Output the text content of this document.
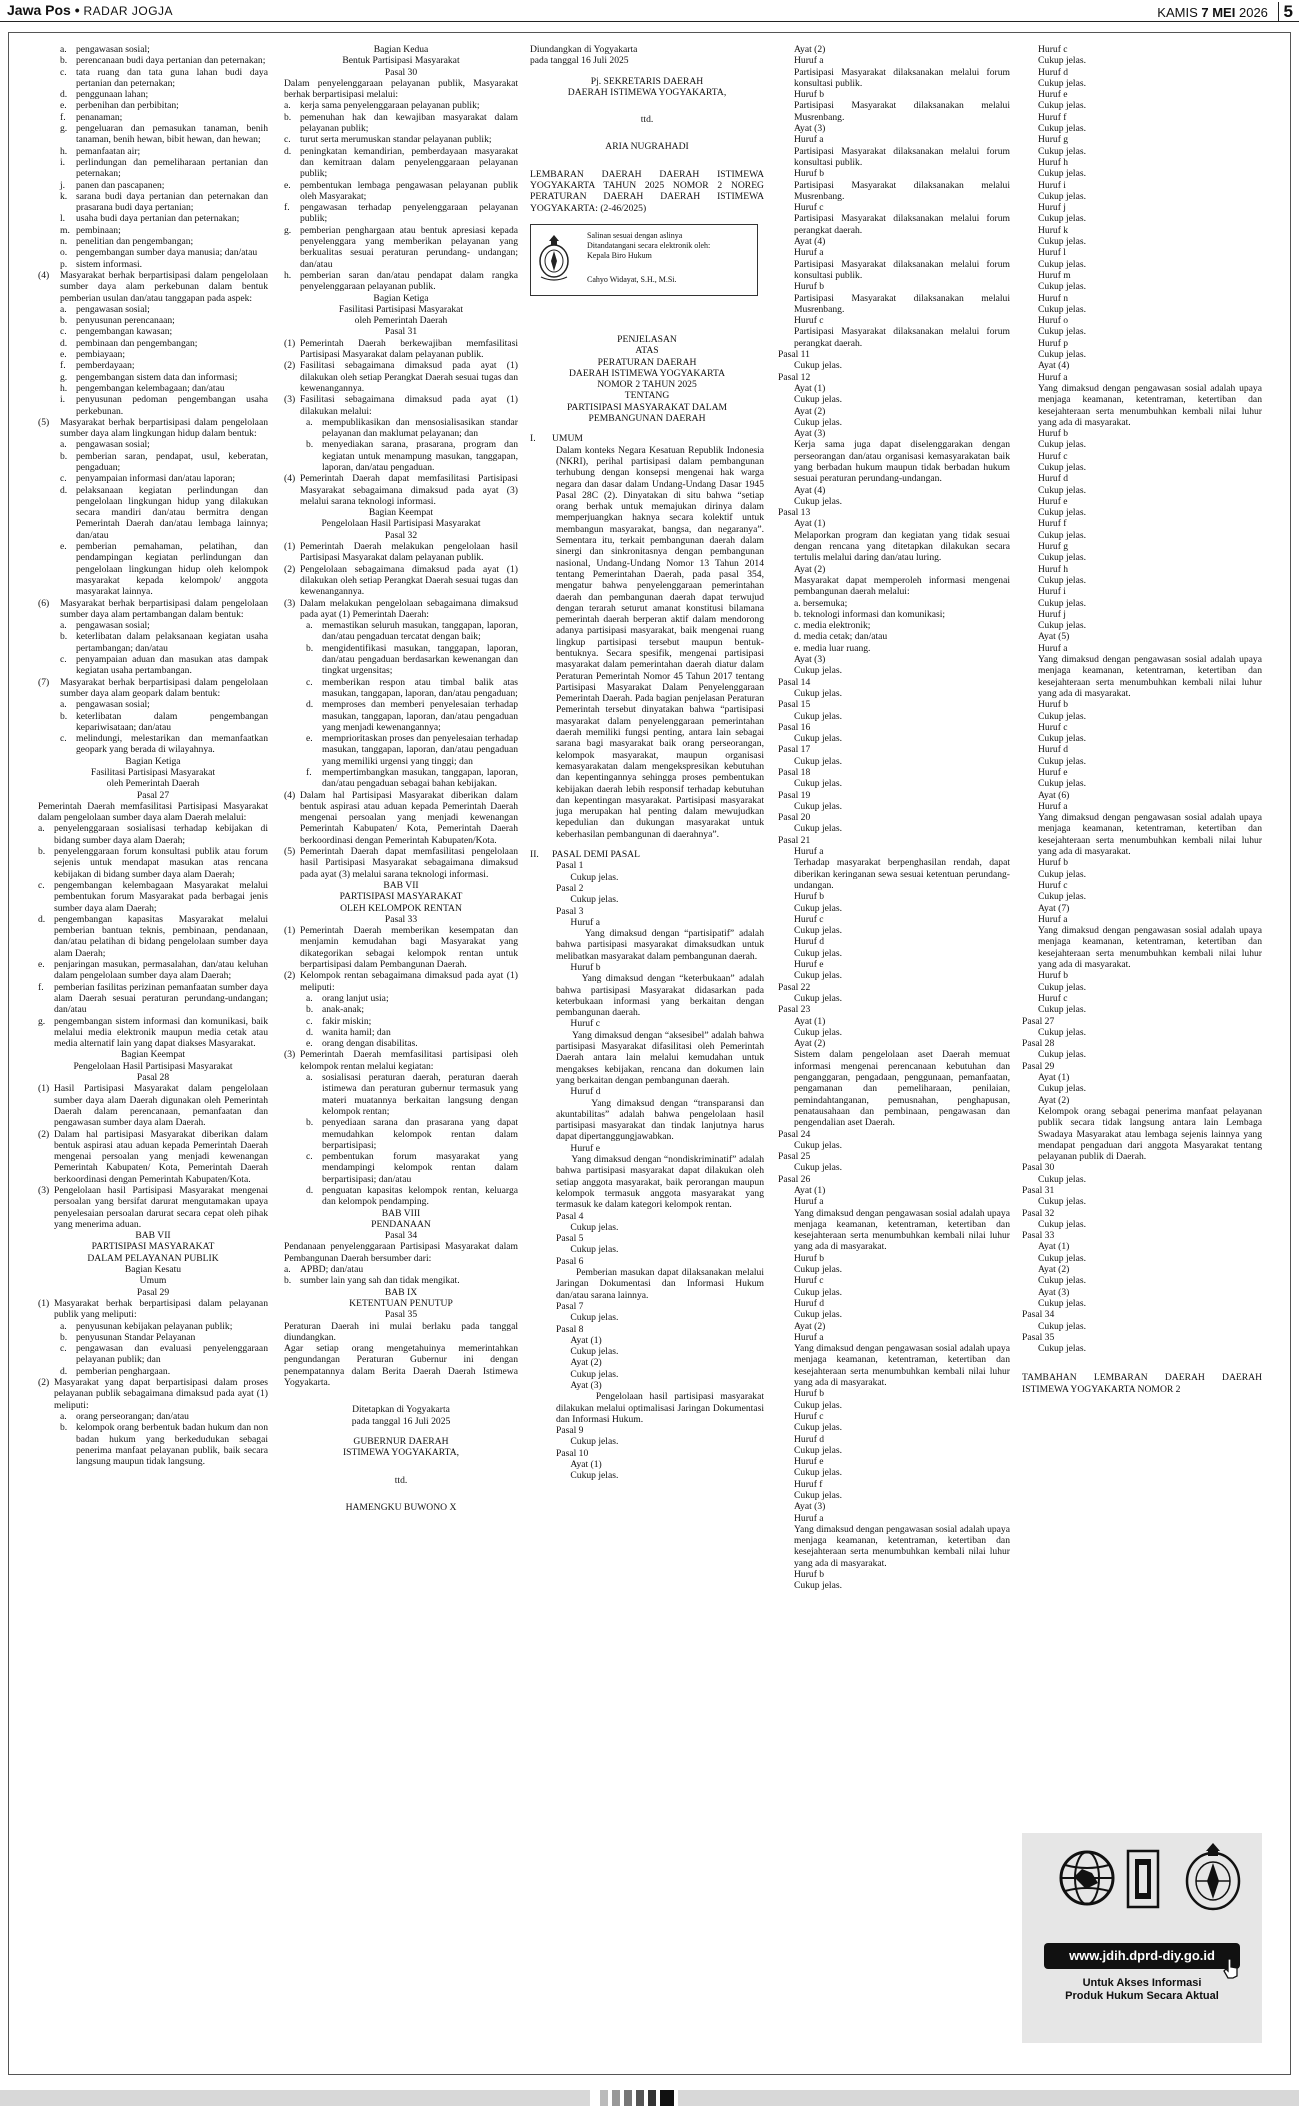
Jawa Pos • RADAR JOGJA	KAMIS 7 MEI 2026 5
a. pengawasan sosial;
b. perencanaan budi daya pertanian dan peternakan;
c. tata ruang dan tata guna lahan budi daya pertanian dan peternakan;
d. penggunaan lahan;
e. perbenihan dan perbibitan;
f. penanaman;
g. pengeluaran dan pemasukan tanaman, benih tanaman, benih hewan, bibit hewan, dan hewan;
h. pemanfaatan air;
i. perlindungan dan pemeliharaan pertanian dan peternakan;
j. panen dan pascapanen;
k. sarana budi daya pertanian dan peternakan dan prasarana budi daya pertanian;
l. usaha budi daya pertanian dan peternakan;
m. pembinaan;
n. penelitian dan pengembangan;
o. pengembangan sumber daya manusia; dan/atau
p. sistem informasi.
(4) Masyarakat berhak berpartisipasi dalam pengelolaan sumber daya alam perkebunan dalam bentuk pemberian usulan dan/atau tanggapan pada aspek:
a. pengawasan sosial;
b. penyusunan perencanaan;
c. pengembangan kawasan;
d. pembinaan dan pengembangan;
e. pembiayaan;
f. pemberdayaan;
g. pengembangan sistem data dan informasi;
h. pengembangan kelembagaan; dan/atau
i. penyusunan pedoman pengembangan usaha perkebunan.
(5) Masyarakat berhak berpartisipasi dalam pengelolaan sumber daya alam lingkungan hidup dalam bentuk:
a. pengawasan sosial;
b. pemberian saran, pendapat, usul, keberatan, pengaduan;
c. penyampaian informasi dan/atau laporan;
d. pelaksanaan kegiatan perlindungan dan pengelolaan lingkungan hidup yang dilakukan secara mandiri dan/atau bermitra dengan Pemerintah Daerah dan/atau lembaga lainnya; dan/atau
e. pemberian pemahaman, pelatihan, dan pendampingan kegiatan perlindungan dan pengelolaan lingkungan hidup oleh kelompok masyarakat kepada kelompok/ anggota masyarakat lainnya.
(6) Masyarakat berhak berpartisipasi dalam pengelolaan sumber daya alam pertambangan dalam bentuk:
a. pengawasan sosial;
b. keterlibatan dalam pelaksanaan kegiatan usaha pertambangan; dan/atau
c. penyampaian aduan dan masukan atas dampak kegiatan usaha pertambangan.
(7) Masyarakat berhak berpartisipasi dalam pengelolaan sumber daya alam geopark dalam bentuk:
a. pengawasan sosial;
b. keterlibatan dalam pengembangan kepariwisataan; dan/atau
c. melindungi, melestarikan dan memanfaatkan geopark yang berada di wilayahnya.
Bagian Ketiga
Fasilitasi Partisipasi Masyarakat
oleh Pemerintah Daerah
Pasal 27
Pemerintah Daerah memfasilitasi Partisipasi Masyarakat dalam pengelolaan sumber daya alam Daerah melalui:
a. penyelenggaraan sosialisasi terhadap kebijakan di bidang sumber daya alam Daerah;
b. penyelenggaraan forum konsultasi publik atau forum sejenis untuk mendapat masukan atas rencana kebijakan di bidang sumber daya alam Daerah;
c. pengembangan kelembagaan Masyarakat melalui pembentukan forum Masyarakat pada berbagai jenis sumber daya alam Daerah;
d. pengembangan kapasitas Masyarakat melalui pemberian bantuan teknis, pembinaan, pendanaan, dan/atau pelatihan di bidang pengelolaan sumber daya alam Daerah;
e. penjaringan masukan, permasalahan, dan/atau keluhan dalam pengelolaan sumber daya alam Daerah;
f. pemberian fasilitas perizinan pemanfaatan sumber daya alam Daerah sesuai peraturan perundang-undangan; dan/atau
g. pengembangan sistem informasi dan komunikasi, baik melalui media elektronik maupun media cetak atau media alternatif lain yang dapat diakses Masyarakat.
Bagian Keempat
Pengelolaan Hasil Partisipasi Masyarakat
Pasal 28
(1) Hasil Partisipasi Masyarakat dalam pengelolaan sumber daya alam Daerah digunakan oleh Pemerintah Daerah dalam perencanaan, pemanfaatan dan pengawasan sumber daya alam Daerah.
(2) Dalam hal partisipasi Masyarakat diberikan dalam bentuk aspirasi atau aduan kepada Pemerintah Daerah mengenai persoalan yang menjadi kewenangan Pemerintah Kabupaten/ Kota, Pemerintah Daerah berkoordinasi dengan Pemerintah Kabupaten/Kota.
(3) Pengelolaan hasil Partisipasi Masyarakat mengenai persoalan yang bersifat darurat mengutamakan upaya penyelesaian persoalan darurat secara cepat oleh pihak yang menerima aduan.
BAB VII
PARTISIPASI MASYARAKAT
DALAM PELAYANAN PUBLIK
Bagian Kesatu
Umum
Pasal 29
(1) Masyarakat berhak berpartisipasi dalam pelayanan publik yang meliputi:
a. penyusunan kebijakan pelayanan publik;
b. penyusunan Standar Pelayanan
c. pengawasan dan evaluasi penyelenggaraan pelayanan publik; dan
d. pemberian penghargaan.
(2) Masyarakat yang dapat berpartisipasi dalam proses pelayanan publik sebagaimana dimaksud pada ayat (1) meliputi:
a. orang perseorangan; dan/atau
b. kelompok orang berbentuk badan hukum dan non badan hukum yang berkedudukan sebagai penerima manfaat pelayanan publik, baik secara langsung maupun tidak langsung.
Bagian Kedua
Bentuk Partisipasi Masyarakat
Pasal 30
Dalam penyelenggaraan pelayanan publik, Masyarakat berhak berpartisipasi melalui:
a. kerja sama penyelenggaraan pelayanan publik;
b. pemenuhan hak dan kewajiban masyarakat dalam pelayanan publik;
c. turut serta merumuskan standar pelayanan publik;
d. peningkatan kemandirian, pemberdayaan masyarakat dan kemitraan dalam penyelenggaraan pelayanan publik;
e. pembentukan lembaga pengawasan pelayanan publik oleh Masyarakat;
f. pengawasan terhadap penyelenggaraan pelayanan publik;
g. pemberian penghargaan atau bentuk apresiasi kepada penyelenggara yang memberikan pelayanan yang berkualitas sesuai peraturan perundang- undangan; dan/atau
h. pemberian saran dan/atau pendapat dalam rangka penyelenggaraan pelayanan publik.
Bagian Ketiga
Fasilitasi Partisipasi Masyarakat
oleh Pemerintah Daerah
Pasal 31
(1) Pemerintah Daerah berkewajiban memfasilitasi Partisipasi Masyarakat dalam pelayanan publik.
(2) Fasilitasi sebagaimana dimaksud pada ayat (1) dilakukan oleh setiap Perangkat Daerah sesuai tugas dan kewenangannya.
(3) Fasilitasi sebagaimana dimaksud pada ayat (1) dilakukan melalui:
a. mempublikasikan dan mensosialisasikan standar pelayanan dan maklumat pelayanan; dan
b. menyediakan sarana, prasarana, program dan kegiatan untuk menampung masukan, tanggapan, laporan, dan/atau pengaduan.
(4) Pemerintah Daerah dapat memfasilitasi Partisipasi Masyarakat sebagaimana dimaksud pada ayat (3) melalui sarana teknologi informasi.
Bagian Keempat
Pengelolaan Hasil Partisipasi Masyarakat
Pasal 32
(1) Pemerintah Daerah melakukan pengelolaan hasil Partisipasi Masyarakat dalam pelayanan publik.
(2) Pengelolaan sebagaimana dimaksud pada ayat (1) dilakukan oleh setiap Perangkat Daerah sesuai tugas dan kewenangannya.
(3) Dalam melakukan pengelolaan sebagaimana dimaksud pada ayat (1) Pemerintah Daerah:
a. memastikan seluruh masukan, tanggapan, laporan, dan/atau pengaduan tercatat dengan baik;
b. mengidentifikasi masukan, tanggapan, laporan, dan/atau pengaduan berdasarkan kewenangan dan tingkat urgensitas;
c. memberikan respon atau timbal balik atas masukan, tanggapan, laporan, dan/atau pengaduan;
d. memproses dan memberi penyelesaian terhadap masukan, tanggapan, laporan, dan/atau pengaduan yang menjadi kewenangannya;
e. memprioritaskan proses dan penyelesaian terhadap masukan, tanggapan, laporan, dan/atau pengaduan yang memiliki urgensi yang tinggi; dan
f. mempertimbangkan masukan, tanggapan, laporan, dan/atau pengaduan sebagai bahan kebijakan.
(4) Dalam hal Partisipasi Masyarakat diberikan dalam bentuk aspirasi atau aduan kepada Pemerintah Daerah mengenai persoalan yang menjadi kewenangan Pemerintah Kabupaten/ Kota, Pemerintah Daerah berkoordinasi dengan Pemerintah Kabupaten/Kota.
(5) Pemerintah Daerah dapat memfasilitasi pengelolaan hasil Partisipasi Masyarakat sebagaimana dimaksud pada ayat (3) melalui sarana teknologi informasi.
BAB VII
PARTISIPASI MASYARAKAT
OLEH KELOMPOK RENTAN
Pasal 33
(1) Pemerintah Daerah memberikan kesempatan dan menjamin kemudahan bagi Masyarakat yang dikategorikan sebagai kelompok rentan untuk berpartisipasi dalam Pembangunan Daerah.
(2) Kelompok rentan sebagaimana dimaksud pada ayat (1) meliputi:
a. orang lanjut usia;
b. anak-anak;
c. fakir miskin;
d. wanita hamil; dan
e. orang dengan disabilitas.
(3) Pemerintah Daerah memfasilitasi partisipasi oleh kelompok rentan melalui kegiatan:
a. sosialisasi peraturan daerah, peraturan daerah istimewa dan peraturan gubernur termasuk yang materi muatannya berkaitan langsung dengan kelompok rentan;
b. penyediaan sarana dan prasarana yang dapat memudahkan kelompok rentan dalam berpartisipasi;
c. pembentukan forum masyarakat yang mendampingi kelompok rentan dalam berpartisipasi; dan/atau
d. penguatan kapasitas kelompok rentan, keluarga dan kelompok pendamping.
BAB VIII
PENDANAAN
Pasal 34
Pendanaan penyelenggaraan Partisipasi Masyarakat dalam Pembangunan Daerah bersumber dari:
a. APBD; dan/atau
b. sumber lain yang sah dan tidak mengikat.
BAB IX
KETENTUAN PENUTUP
Pasal 35
Peraturan Daerah ini mulai berlaku pada tanggal diundangkan.
Agar setiap orang mengetahuinya memerintahkan pengundangan Peraturan Gubernur ini dengan penempatannya dalam Berita Daerah Daerah Istimewa Yogyakarta.
Ditetapkan di Yogyakarta
pada tanggal 16 Juli 2025
GUBERNUR DAERAH
ISTIMEWA YOGYAKARTA,
ttd.
HAMENGKU BUWONO X
Diundangkan di Yogyakarta
pada tanggal 16 Juli 2025
Pj. SEKRETARIS DAERAH
DAERAH ISTIMEWA YOGYAKARTA,
ttd.
ARIA NUGRAHADI
LEMBARAN DAERAH DAERAH ISTIMEWA YOGYAKARTA TAHUN 2025 NOMOR 2 NOREG PERATURAN DAERAH DAERAH ISTIMEWA YOGYAKARTA: (2-46/2025)
Salinan sesuai dengan aslinya
Ditandatangani secara elektronik oleh:
Kepala Biro Hukum
Cahyo Widayat, S.H., M.Si.
PENJELASAN
ATAS
PERATURAN DAERAH
DAERAH ISTIMEWA YOGYAKARTA
NOMOR 2 TAHUN 2025
TENTANG
PARTISIPASI MASYARAKAT DALAM
PEMBANGUNAN DAERAH
I. UMUM
Dalam konteks Negara Kesatuan Republik Indonesia (NKRI), perihal partisipasi dalam pembangunan terhubung dengan konsepsi mengenai hak warga negara dan dasar dalam Undang-Undang Dasar 1945 Pasal 28C (2). Dinyatakan di situ bahwa “setiap orang berhak untuk memajukan dirinya dalam memperjuangkan haknya secara kolektif untuk membangun masyarakat, bangsa, dan negaranya”. Sementara itu, terkait pembangunan daerah dalam sinergi dan sinkronitasnya dengan pembangunan nasional, Undang-Undang Nomor 13 Tahun 2014 tentang Pemerintahan Daerah, pada pasal 354, mengatur bahwa penyelenggaraan pemerintahan daerah dan pembangunan daerah dapat terwujud dengan terarah seturut amanat konstitusi bilamana pemerintah daerah berperan aktif dalam mendorong adanya partisipasi masyarakat, baik mengenai ruang lingkup partisipasi tersebut maupun bentuk-bentuknya. Secara spesifik, mengenai partisipasi masyarakat dalam pemerintahan daerah diatur dalam Peraturan Pemerintah Nomor 45 Tahun 2017 tentang Partisipasi Masyarakat Dalam Penyelenggaraan Pemerintah Daerah. Pada bagian penjelasan Peraturan Pemerintah tersebut dinyatakan bahwa “partisipasi masyarakat dalam penyelenggaraan pemerintahan daerah memiliki fungsi penting, antara lain sebagai sarana bagi masyarakat baik orang perseorangan, kelompok masyarakat, maupun organisasi kemasyarakatan dalam mengekspresikan kebutuhan dan kepentingannya sehingga proses pembentukan kebijakan daerah lebih responsif terhadap kebutuhan dan kepentingan masyarakat. Partisipasi masyarakat juga merupakan hal penting dalam mewujudkan kepedulian dan dukungan masyarakat untuk keberhasilan pembangunan di daerahnya”.
II. PASAL DEMI PASAL
Pasal 1
Cukup jelas.
Pasal 2
Cukup jelas.
Pasal 3
Huruf a
Yang dimaksud dengan “partisipatif” adalah bahwa partisipasi masyarakat dimaksudkan untuk melibatkan masyarakat dalam pembangunan daerah.
Huruf b
Yang dimaksud dengan “keterbukaan” adalah bahwa partisipasi Masyarakat didasarkan pada keterbukaan informasi yang berkaitan dengan pembangunan daerah.
Huruf c
Yang dimaksud dengan “aksesibel” adalah bahwa partisipasi Masyarakat difasilitasi oleh Pemerintah Daerah antara lain melalui kemudahan untuk mengakses kebijakan, rencana dan dokumen lain yang berkaitan dengan pembangunan daerah.
Huruf d
Yang dimaksud dengan “transparansi dan akuntabilitas” adalah bahwa pengelolaan hasil partisipasi masyarakat dan tindak lanjutnya harus dapat dipertanggungjawabkan.
Huruf e
Yang dimaksud dengan “nondiskriminatif” adalah bahwa partisipasi masyarakat dapat dilakukan oleh setiap anggota masyarakat, baik perorangan maupun kelompok termasuk anggota masyarakat yang termasuk ke dalam kategori kelompok rentan.
Pasal 4
Cukup jelas.
Pasal 5
Cukup jelas.
Pasal 6
Pemberian masukan dapat dilaksanakan melalui Jaringan Dokumentasi dan Informasi Hukum dan/atau sarana lainnya.
Pasal 7
Cukup jelas.
Pasal 8
Ayat (1)
Cukup jelas.
Ayat (2)
Cukup jelas.
Ayat (3)
Pengelolaan hasil partisipasi masyarakat dilakukan melalui optimalisasi Jaringan Dokumentasi dan Informasi Hukum.
Pasal 9
Cukup jelas.
Pasal 10
Ayat (1)
Cukup jelas.
Ayat (2)
Huruf a
Partisipasi Masyarakat dilaksanakan melalui forum konsultasi publik.
Huruf b
Partisipasi Masyarakat dilaksanakan melalui Musrenbang.
Ayat (3)
Huruf a
Partisipasi Masyarakat dilaksanakan melalui forum konsultasi publik.
Huruf b
Partisipasi Masyarakat dilaksanakan melalui Musrenbang.
Huruf c
Partisipasi Masyarakat dilaksanakan melalui forum perangkat daerah.
Ayat (4)
Huruf a
Partisipasi Masyarakat dilaksanakan melalui forum konsultasi publik.
Huruf b
Partisipasi Masyarakat dilaksanakan melalui Musrenbang.
Huruf c
Partisipasi Masyarakat dilaksanakan melalui forum perangkat daerah.
Pasal 11
Cukup jelas.
Pasal 12
Ayat (1)
Cukup jelas.
Ayat (2)
Cukup jelas.
Ayat (3)
Kerja sama juga dapat diselenggarakan dengan perseorangan dan/atau organisasi kemasyarakatan baik yang berbadan hukum maupun tidak berbadan hukum sesuai peraturan perundang-undangan.
Ayat (4)
Cukup jelas.
Pasal 13
Ayat (1)
Melaporkan program dan kegiatan yang tidak sesuai dengan rencana yang ditetapkan dilakukan secara tertulis melalui daring dan/atau luring.
Ayat (2)
Masyarakat dapat memperoleh informasi mengenai pembangunan daerah melalui:
a. bersemuka;
b. teknologi informasi dan komunikasi;
c. media elektronik;
d. media cetak; dan/atau
e. media luar ruang.
Ayat (3)
Cukup jelas.
Pasal 14
Cukup jelas.
Pasal 15
Cukup jelas.
Pasal 16
Cukup jelas.
Pasal 17
Cukup jelas.
Pasal 18
Cukup jelas.
Pasal 19
Cukup jelas.
Pasal 20
Cukup jelas.
Pasal 21
Huruf a
Terhadap masyarakat berpenghasilan rendah, dapat diberikan keringanan sewa sesuai ketentuan perundang-undangan.
Huruf b
Cukup jelas.
Huruf c
Cukup jelas.
Huruf d
Cukup jelas.
Huruf e
Cukup jelas.
Pasal 22
Cukup jelas.
Pasal 23
Ayat (1)
Cukup jelas.
Ayat (2)
Sistem dalam pengelolaan aset Daerah memuat informasi mengenai perencanaan kebutuhan dan penganggaran, pengadaan, penggunaan, pemanfaatan, pengamanan dan pemeliharaan, penilaian, pemindahtanganan, pemusnahan, penghapusan, penatausahaan dan pembinaan, pengawasan dan pengendalian aset Daerah.
Pasal 24
Cukup jelas.
Pasal 25
Cukup jelas.
Pasal 26
Ayat (1)
Huruf a
Yang dimaksud dengan pengawasan sosial adalah upaya menjaga keamanan, ketentraman, ketertiban dan kesejahteraan serta menumbuhkan kembali nilai luhur yang ada di masyarakat.
Huruf b
Cukup jelas.
Huruf c
Cukup jelas.
Huruf d
Cukup jelas.
Ayat (2)
Huruf a
Yang dimaksud dengan pengawasan sosial adalah upaya menjaga keamanan, ketentraman, ketertiban dan kesejahteraan serta menumbuhkan kembali nilai luhur yang ada di masyarakat.
Huruf b
Cukup jelas.
Huruf c
Cukup jelas.
Huruf d
Cukup jelas.
Huruf e
Cukup jelas.
Huruf f
Cukup jelas.
Ayat (3)
Huruf a
Yang dimaksud dengan pengawasan sosial adalah upaya menjaga keamanan, ketentraman, ketertiban dan kesejahteraan serta menumbuhkan kembali nilai luhur yang ada di masyarakat.
Huruf b
Cukup jelas.
Huruf c
Cukup jelas.
Huruf d
Cukup jelas.
Huruf e
Cukup jelas.
Huruf f
Cukup jelas.
Huruf g
Cukup jelas.
Huruf h
Cukup jelas.
Huruf i
Cukup jelas.
Huruf j
Cukup jelas.
Huruf k
Cukup jelas.
Huruf l
Cukup jelas.
Huruf m
Cukup jelas.
Huruf n
Cukup jelas.
Huruf o
Cukup jelas.
Huruf p
Cukup jelas.
Ayat (4)
Huruf a
Yang dimaksud dengan pengawasan sosial adalah upaya menjaga keamanan, ketentraman, ketertiban dan kesejahteraan serta menumbuhkan kembali nilai luhur yang ada di masyarakat.
Huruf b
Cukup jelas.
Huruf c
Cukup jelas.
Huruf d
Cukup jelas.
Huruf e
Cukup jelas.
Huruf f
Cukup jelas.
Huruf g
Cukup jelas.
Huruf h
Cukup jelas.
Huruf i
Cukup jelas.
Huruf j
Cukup jelas.
Ayat (5)
Huruf a
Yang dimaksud dengan pengawasan sosial adalah upaya menjaga keamanan, ketentraman, ketertiban dan kesejahteraan serta menumbuhkan kembali nilai luhur yang ada di masyarakat.
Huruf b
Cukup jelas.
Huruf c
Cukup jelas.
Huruf d
Cukup jelas.
Huruf e
Cukup jelas.
Ayat (6)
Huruf a
Yang dimaksud dengan pengawasan sosial adalah upaya menjaga keamanan, ketentraman, ketertiban dan kesejahteraan serta menumbuhkan kembali nilai luhur yang ada di masyarakat.
Huruf b
Cukup jelas.
Huruf c
Cukup jelas.
Ayat (7)
Huruf a
Yang dimaksud dengan pengawasan sosial adalah upaya menjaga keamanan, ketentraman, ketertiban dan kesejahteraan serta menumbuhkan kembali nilai luhur yang ada di masyarakat.
Huruf b
Cukup jelas.
Huruf c
Cukup jelas.
Pasal 27
Cukup jelas.
Pasal 28
Cukup jelas.
Pasal 29
Ayat (1)
Cukup jelas.
Ayat (2)
Kelompok orang sebagai penerima manfaat pelayanan publik secara tidak langsung antara lain Lembaga Swadaya Masyarakat atau lembaga sejenis lainnya yang mendapat pengaduan dari anggota Masyarakat tentang pelayanan publik di Daerah.
Pasal 30
Cukup jelas.
Pasal 31
Cukup jelas.
Pasal 32
Cukup jelas.
Pasal 33
Ayat (1)
Cukup jelas.
Ayat (2)
Cukup jelas.
Ayat (3)
Cukup jelas.
Pasal 34
Cukup jelas.
Pasal 35
Cukup jelas.
TAMBAHAN LEMBARAN DAERAH DAERAH ISTIMEWA YOGYAKARTA NOMOR 2
www.jdih.dprd-diy.go.id
Untuk Akses Informasi
Produk Hukum Secara Aktual
